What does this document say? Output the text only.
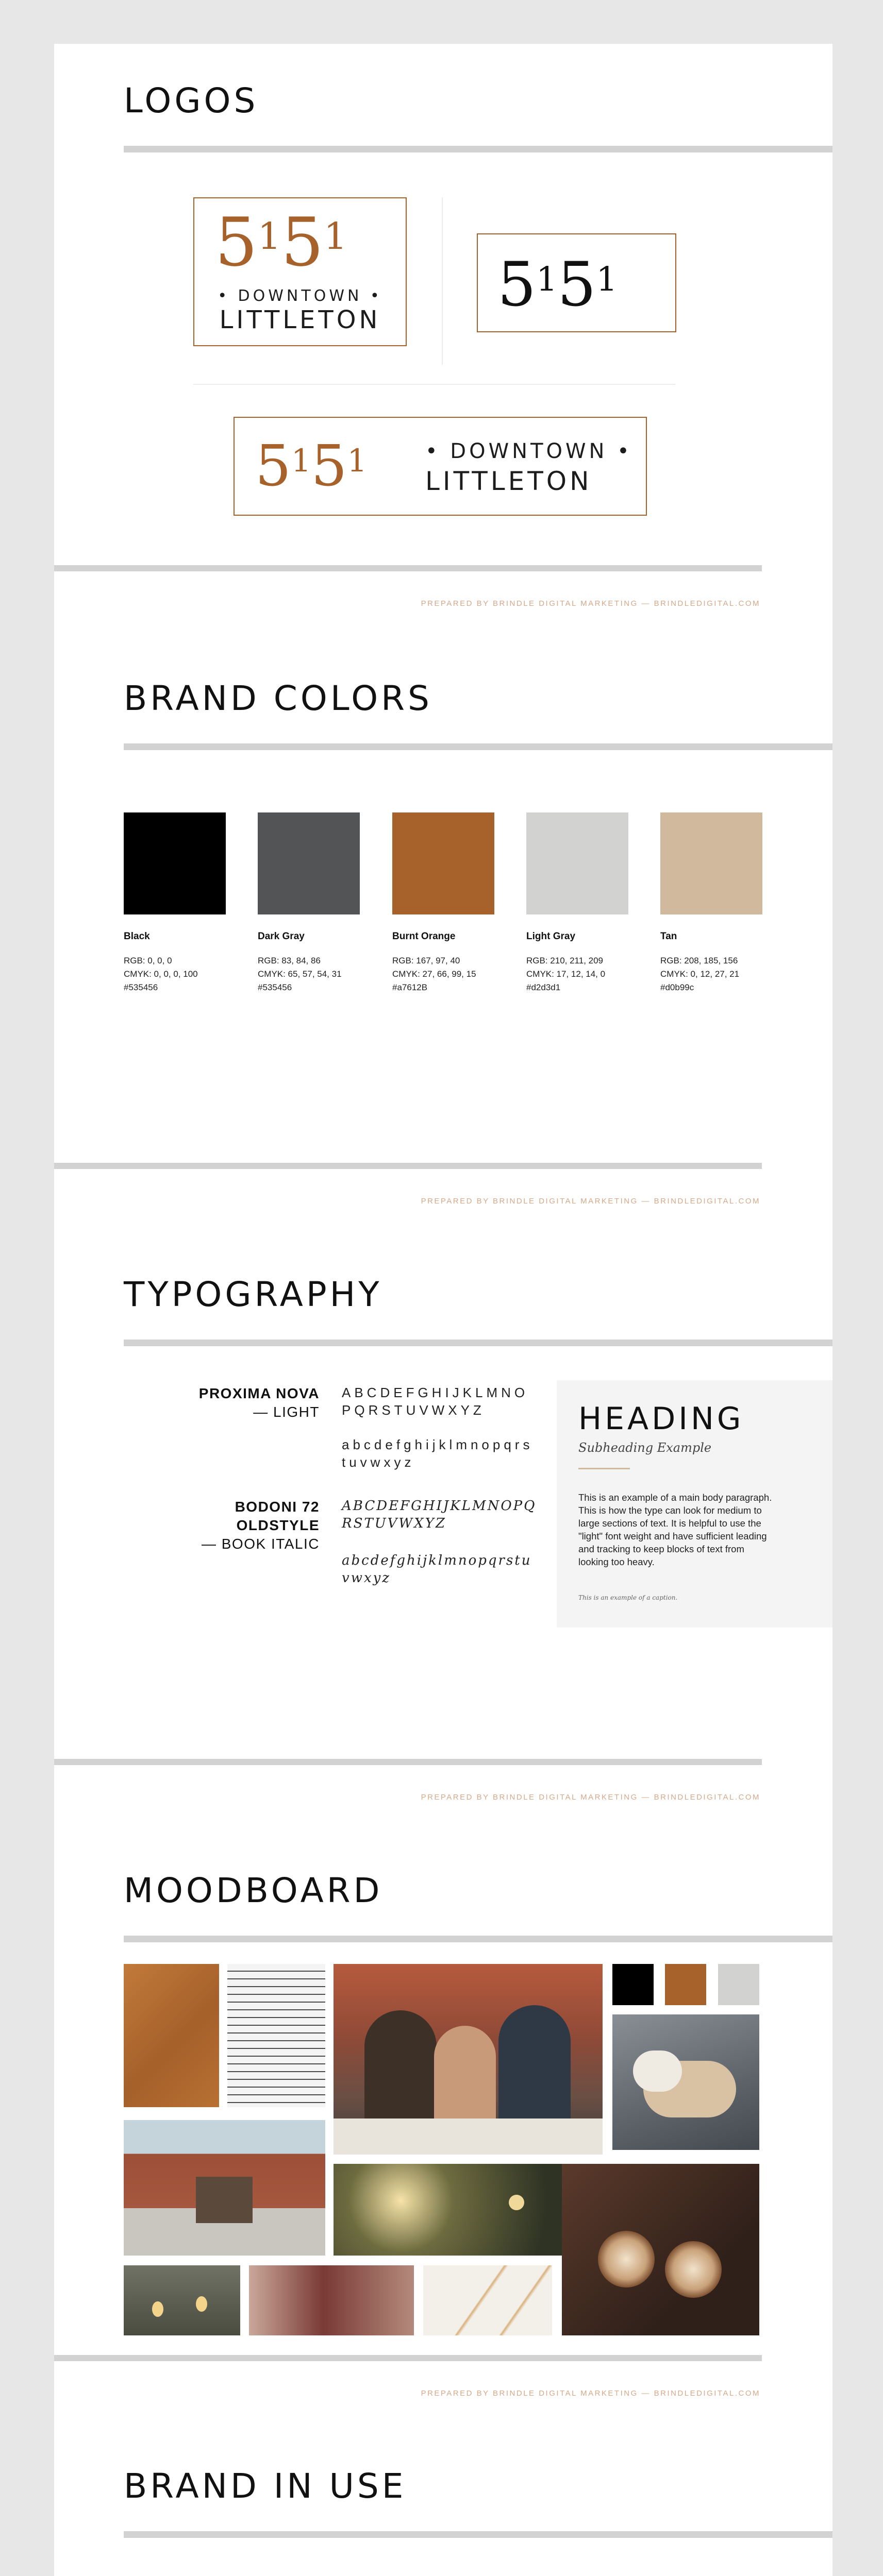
LOGOS
5151
• DOWNTOWN •
LITTLETON	5151
5151	• DOWNTOWN •
LITTLETON
PREPARED BY BRINDLE DIGITAL MARKETING — BRINDLEDIGITAL.COM
BRAND COLORS
Black
RGB: 0, 0, 0
CMYK: 0, 0, 0, 100
#535456
Dark Gray
RGB: 83, 84, 86
CMYK: 65, 57, 54, 31
#535456
Burnt Orange
RGB: 167, 97, 40
CMYK: 27, 66, 99, 15
#a7612B
Light Gray
RGB: 210, 211, 209
CMYK: 17, 12, 14, 0
#d2d3d1
Tan
RGB: 208, 185, 156
CMYK: 0, 12, 27, 21
#d0b99c
PREPARED BY BRINDLE DIGITAL MARKETING — BRINDLEDIGITAL.COM
TYPOGRAPHY
PROXIMA NOVA
— LIGHT
ABCDEFGHIJKLMNOPQRSTUVWXYZ
abcdefghijklmnopqrstuvwxyz
BODONI 72 OLDSTYLE
— BOOK ITALIC
ABCDEFGHIJKLMNOPQRSTUVWXYZ
abcdefghijklmnopqrstuvwxyz
HEADING
Subheading Example
This is an example of a main body paragraph. This is how the type can look for medium to large sections of text. It is helpful to use the "light" font weight and have sufficient leading and tracking to keep blocks of text from looking too heavy.
This is an example of a caption.
PREPARED BY BRINDLE DIGITAL MARKETING — BRINDLEDIGITAL.COM
MOODBOARD
PREPARED BY BRINDLE DIGITAL MARKETING — BRINDLEDIGITAL.COM
BRAND IN USE
